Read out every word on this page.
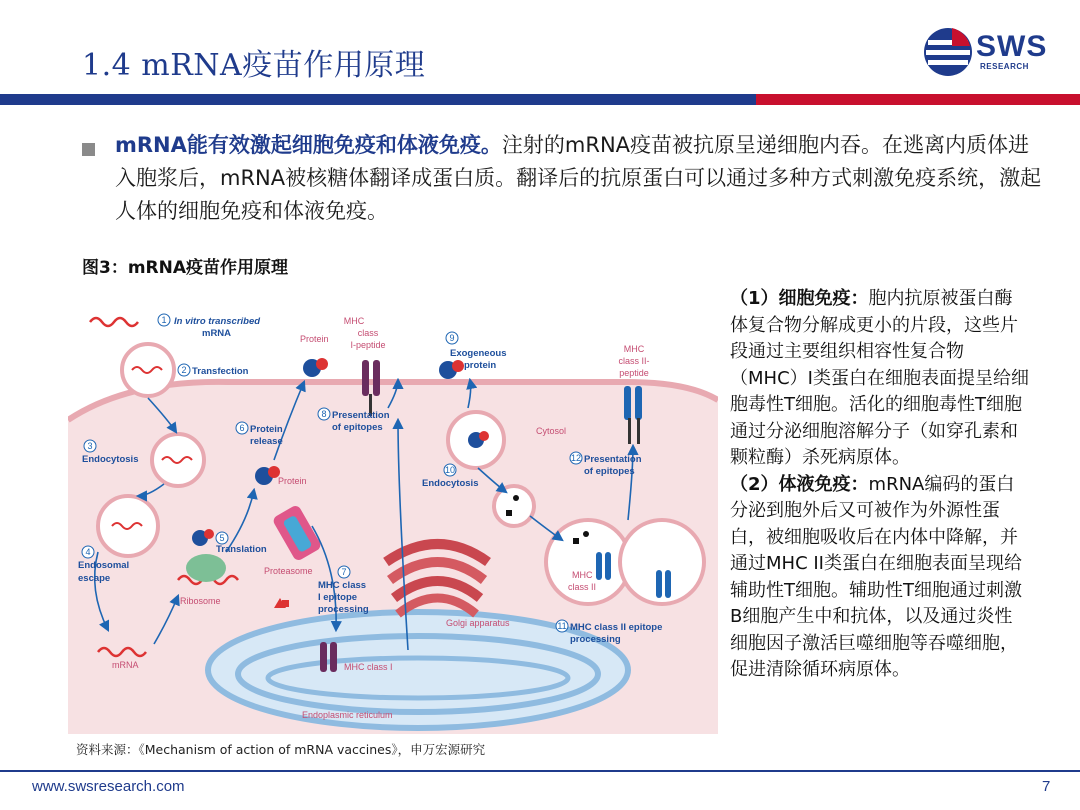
1.4 mRNA疫苗作用原理
SWS
RESEARCH
mRNA能有效激起细胞免疫和体液免疫。注射的mRNA疫苗被抗原呈递细胞内吞。在逃离内质体进入胞浆后，mRNA被核糖体翻译成蛋白质。翻译后的抗原蛋白可以通过多种方式刺激免疫系统，激起人体的细胞免疫和体液免疫。
图3：mRNA疫苗作用原理
1
2
3
4
5
6
7
8
9
10
11
12
In vitro transcribed
mRNA
Transfection
Endocytosis
Endosomal
escape
Translation
Protein
release
Presentation
of epitopes
Exogeneous
protein
Presentation
of epitopes
Endocytosis
MHC class
I epitope
processing
MHC class II epitope
processing
Protein
MHC
class
I-peptide	MHC
class II-
peptide
Cytosol
Protein
Proteasome
Ribosome
mRNA
Golgi apparatus
MHC
class II
MHC class I
Endoplasmic reticulum
资料来源：《Mechanism of action of mRNA vaccines》，申万宏源研究
（1）细胞免疫：胞内抗原被蛋白酶体复合物分解成更小的片段，这些片段通过主要组织相容性复合物（MHC）I类蛋白在细胞表面提呈给细胞毒性T细胞。活化的细胞毒性T细胞通过分泌细胞溶解分子（如穿孔素和颗粒酶）杀死病原体。
（2）体液免疫：mRNA编码的蛋白分泌到胞外后又可被作为外源性蛋白，被细胞吸收后在内体中降解，并通过MHC II类蛋白在细胞表面呈现给辅助性T细胞。辅助性T细胞通过刺激B细胞产生中和抗体，以及通过炎性细胞因子激活巨噬细胞等吞噬细胞，促进清除循环病原体。
www.swsresearch.com	7
